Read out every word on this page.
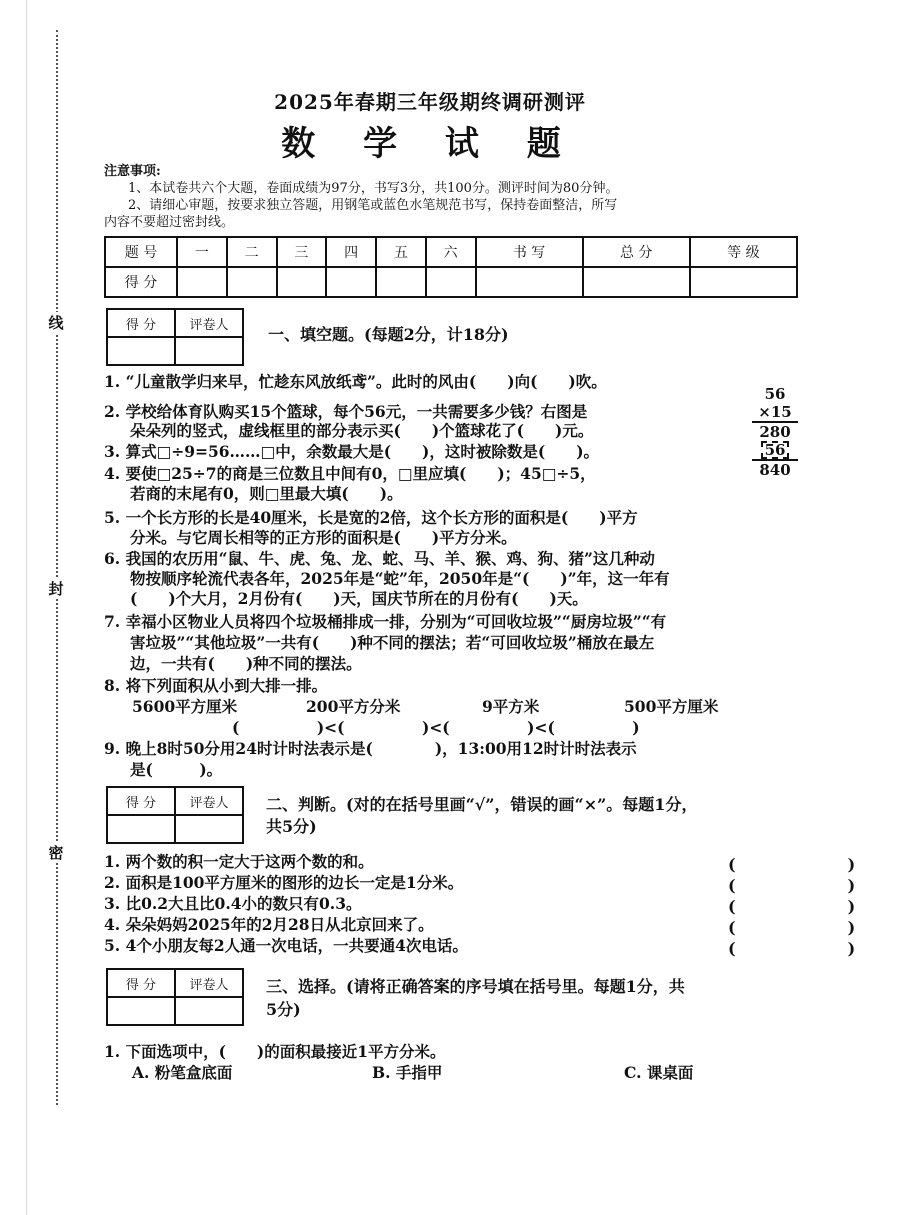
线
封
密
2025年春期三年级期终调研测评
数 学 试 题
注意事项:
1、本试卷共六个大题，卷面成绩为97分，书写3分，共100分。测评时间为80分钟。
2、请细心审题，按要求独立答题，用钢笔或蓝色水笔规范书写，保持卷面整洁，所写
内容不要超过密封线。
题 号	一	二	三	四	五	六	书 写	总 分	等 级
得 分									
得 分	评卷人
	一、填空题。(每题2分，计18分)
1. “儿童散学归来早，忙趁东风放纸鸢”。此时的风由(　　)向(　　)吹。
2. 学校给体育队购买15个篮球，每个56元，一共需要多少钱？右图是
朵朵列的竖式，虚线框里的部分表示买(　　)个篮球花了(　　)元。
3. 算式□÷9=56……□中，余数最大是(　　)，这时被除数是(　　)。
4. 要使□25÷7的商是三位数且中间有0，□里应填(　　)；45□÷5，
若商的末尾有0，则□里最大填(　　)。
5. 一个长方形的长是40厘米，长是宽的2倍，这个长方形的面积是(　　)平方
分米。与它周长相等的正方形的面积是(　　)平方分米。
6. 我国的农历用“鼠、牛、虎、兔、龙、蛇、马、羊、猴、鸡、狗、猪”这几种动
物按顺序轮流代表各年，2025年是“蛇”年，2050年是“(　　)”年，这一年有
(　　)个大月，2月份有(　　)天，国庆节所在的月份有(　　)天。
7. 幸福小区物业人员将四个垃圾桶排成一排，分别为“可回收垃圾”“厨房垃圾”“有
害垃圾”“其他垃圾”一共有(　　)种不同的摆法；若“可回收垃圾”桶放在最左
边，一共有(　　)种不同的摆法。
8. 将下列面积从小到大排一排。
5600平方厘米	200平方分米	9平方米	500平方厘米
(　　　　　)<(　　　　　)<(　　　　　)<(　　　　　)
9. 晚上8时50分用24时计时法表示是(　　　　)，13:00用12时计时法表示
是(　　　)。
56
×15
280
56
840
得 分	评卷人
	二、判断。(对的在括号里画“√”，错误的画“×”。每题1分，
共5分)
1. 两个数的积一定大于这两个数的和。
2. 面积是100平方厘米的图形的边长一定是1分米。
3. 比0.2大且比0.4小的数只有0.3。
4. 朵朵妈妈2025年的2月28日从北京回来了。
5. 4个小朋友每2人通一次电话，一共要通4次电话。
(　)
(　)
(　)
(　)
(　)
得 分	评卷人
	三、选择。(请将正确答案的序号填在括号里。每题1分，共
5分)
1. 下面选项中，(　　)的面积最接近1平方分米。
A. 粉笔盒底面	B. 手指甲	C. 课桌面
